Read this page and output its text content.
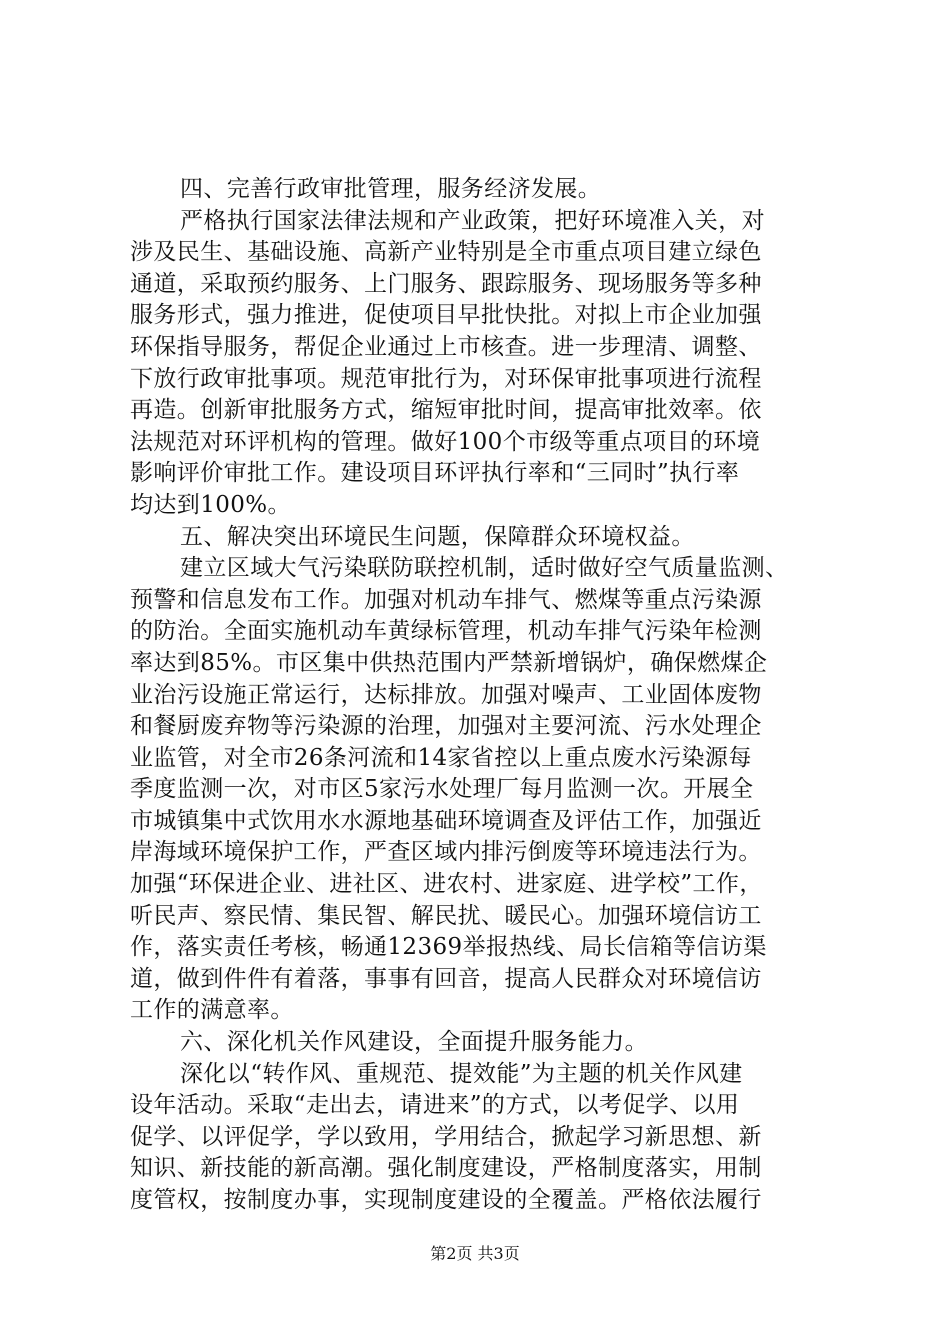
四、完善行政审批管理，服务经济发展。
严格执行国家法律法规和产业政策，把好环境准入关，对
涉及民生、基础设施、高新产业特别是全市重点项目建立绿色
通道，采取预约服务、上门服务、跟踪服务、现场服务等多种
服务形式，强力推进，促使项目早批快批。对拟上市企业加强
环保指导服务，帮促企业通过上市核查。进一步理清、调整、
下放行政审批事项。规范审批行为，对环保审批事项进行流程
再造。创新审批服务方式，缩短审批时间，提高审批效率。依
法规范对环评机构的管理。做好100个市级等重点项目的环境
影响评价审批工作。建设项目环评执行率和“三同时”执行率
均达到100%。
五、解决突出环境民生问题，保障群众环境权益。
建立区域大气污染联防联控机制，适时做好空气质量监测、
预警和信息发布工作。加强对机动车排气、燃煤等重点污染源
的防治。全面实施机动车黄绿标管理，机动车排气污染年检测
率达到85%。市区集中供热范围内严禁新增锅炉，确保燃煤企
业治污设施正常运行，达标排放。加强对噪声、工业固体废物
和餐厨废弃物等污染源的治理，加强对主要河流、污水处理企
业监管，对全市26条河流和14家省控以上重点废水污染源每
季度监测一次，对市区5家污水处理厂每月监测一次。开展全
市城镇集中式饮用水水源地基础环境调查及评估工作，加强近
岸海域环境保护工作，严查区域内排污倒废等环境违法行为。
加强“环保进企业、进社区、进农村、进家庭、进学校”工作，
听民声、察民情、集民智、解民扰、暖民心。加强环境信访工
作，落实责任考核，畅通12369举报热线、局长信箱等信访渠
道，做到件件有着落，事事有回音，提高人民群众对环境信访
工作的满意率。
六、深化机关作风建设，全面提升服务能力。
深化以“转作风、重规范、提效能”为主题的机关作风建
设年活动。采取“走出去，请进来”的方式，以考促学、以用
促学、以评促学，学以致用，学用结合，掀起学习新思想、新
知识、新技能的新高潮。强化制度建设，严格制度落实，用制
度管权，按制度办事，实现制度建设的全覆盖。严格依法履行
第2页 共3页
